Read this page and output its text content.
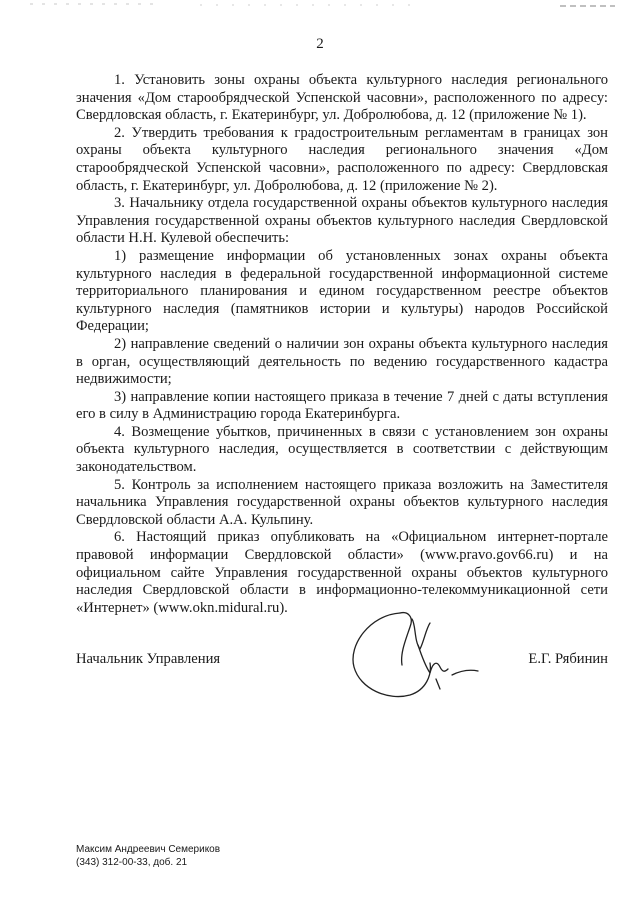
2

1. Установить зоны охраны объекта культурного наследия регионального значения «Дом старообрядческой Успенской часовни», расположенного по адресу: Свердловская область, г. Екатеринбург, ул. Добролюбова, д. 12 (приложение № 1).

2. Утвердить требования к градостроительным регламентам в границах зон охраны объекта культурного наследия регионального значения «Дом старообрядческой Успенской часовни», расположенного по адресу: Свердловская область, г. Екатеринбург, ул. Добролюбова, д. 12 (приложение № 2).

3. Начальнику отдела государственной охраны объектов культурного наследия Управления государственной охраны объектов культурного наследия Свердловской области Н.Н. Кулевой обеспечить:

1) размещение информации об установленных зонах охраны объекта культурного наследия в федеральной государственной информационной системе территориального планирования и едином государственном реестре объектов культурного наследия (памятников истории и культуры) народов Российской Федерации;

2) направление сведений о наличии зон охраны объекта культурного наследия в орган, осуществляющий деятельность по ведению государственного кадастра недвижимости;

3) направление копии настоящего приказа в течение 7 дней с даты вступления его в силу в Администрацию города Екатеринбурга.

4. Возмещение убытков, причиненных в связи с установлением зон охраны объекта культурного наследия, осуществляется в соответствии с действующим законодательством.

5. Контроль за исполнением настоящего приказа возложить на Заместителя начальника Управления государственной охраны объектов культурного наследия Свердловской области А.А. Кульпину.

6. Настоящий приказ опубликовать на «Официальном интернет-портале правовой информации Свердловской области» (www.pravo.gov66.ru) и на официальном сайте Управления государственной охраны объектов культурного наследия Свердловской области в информационно-телекоммуникационной сети «Интернет» (www.okn.midural.ru).

Начальник Управления	Е.Г. Рябинин
Максим Андреевич Семериков
(343) 312-00-33, доб. 21
